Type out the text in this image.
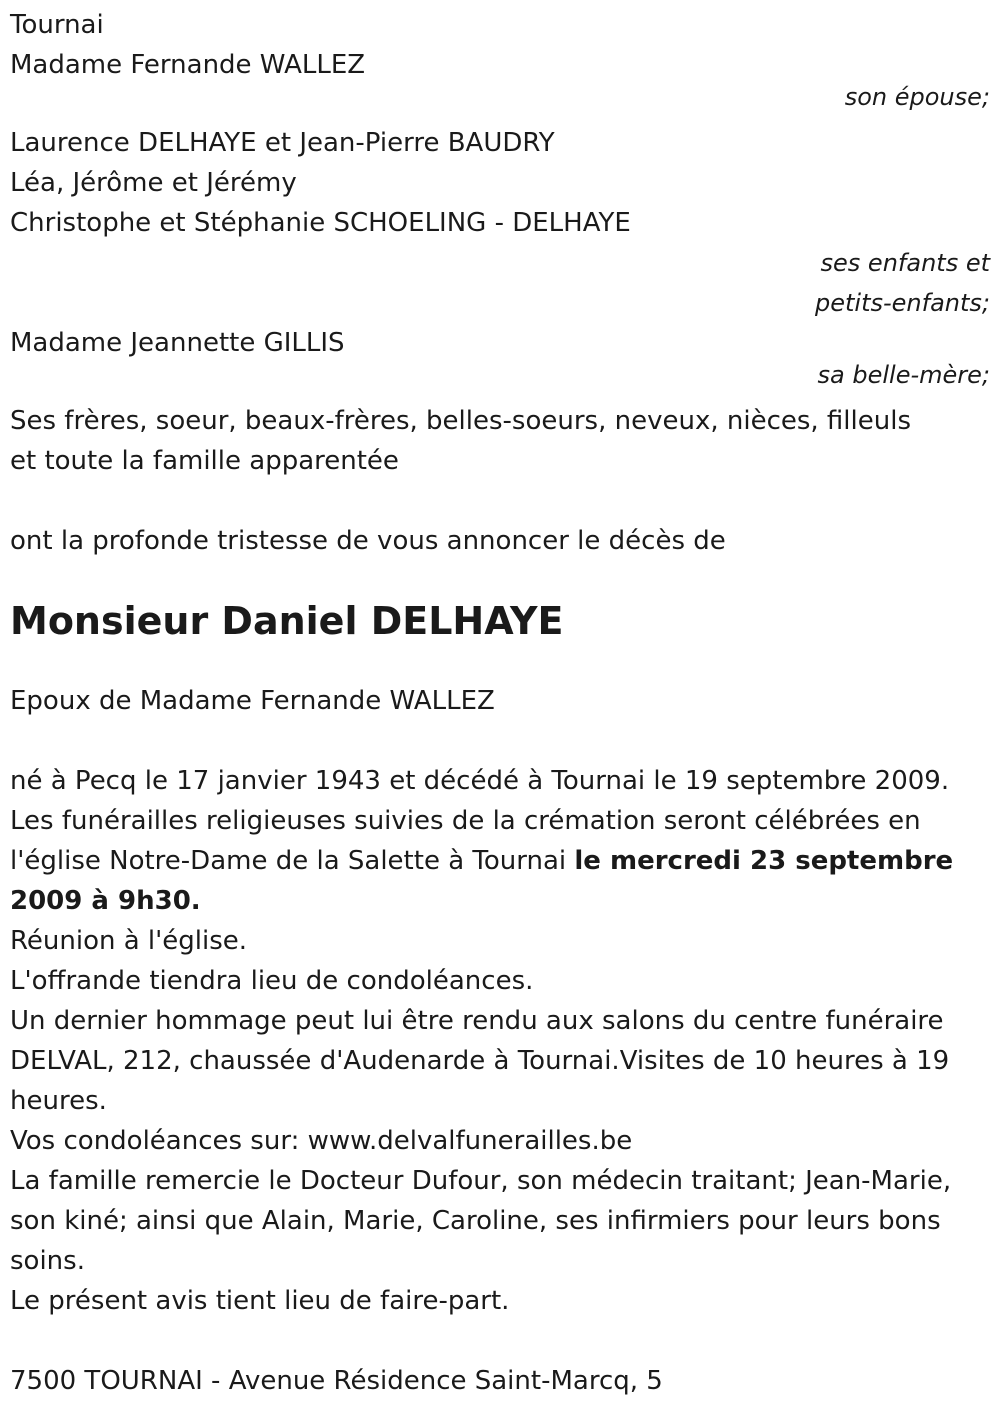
Tournai
Madame Fernande WALLEZ
son épouse;
Laurence DELHAYE et Jean-Pierre BAUDRY
Léa, Jérôme et Jérémy
Christophe et Stéphanie SCHOELING - DELHAYE
ses enfants et
petits-enfants;
Madame Jeannette GILLIS
sa belle-mère;
Ses frères, soeur, beaux-frères, belles-soeurs, neveux, nièces, filleuls
et toute la famille apparentée
ont la profonde tristesse de vous annoncer le décès de
Monsieur Daniel DELHAYE
Epoux de Madame Fernande WALLEZ
né à Pecq le 17 janvier 1943 et décédé à Tournai le 19 septembre 2009.
Les funérailles religieuses suivies de la crémation seront célébrées en l'église Notre-Dame de la Salette à Tournai le mercredi 23 septembre 2009 à 9h30.
Réunion à l'église.
L'offrande tiendra lieu de condoléances.
Un dernier hommage peut lui être rendu aux salons du centre funéraire DELVAL, 212, chaussée d'Audenarde à Tournai.Visites de 10 heures à 19 heures.
Vos condoléances sur: www.delvalfunerailles.be
La famille remercie le Docteur Dufour, son médecin traitant; Jean-Marie, son kiné; ainsi que Alain, Marie, Caroline, ses infirmiers pour leurs bons soins.
Le présent avis tient lieu de faire-part.
7500 TOURNAI - Avenue Résidence Saint-Marcq, 5
